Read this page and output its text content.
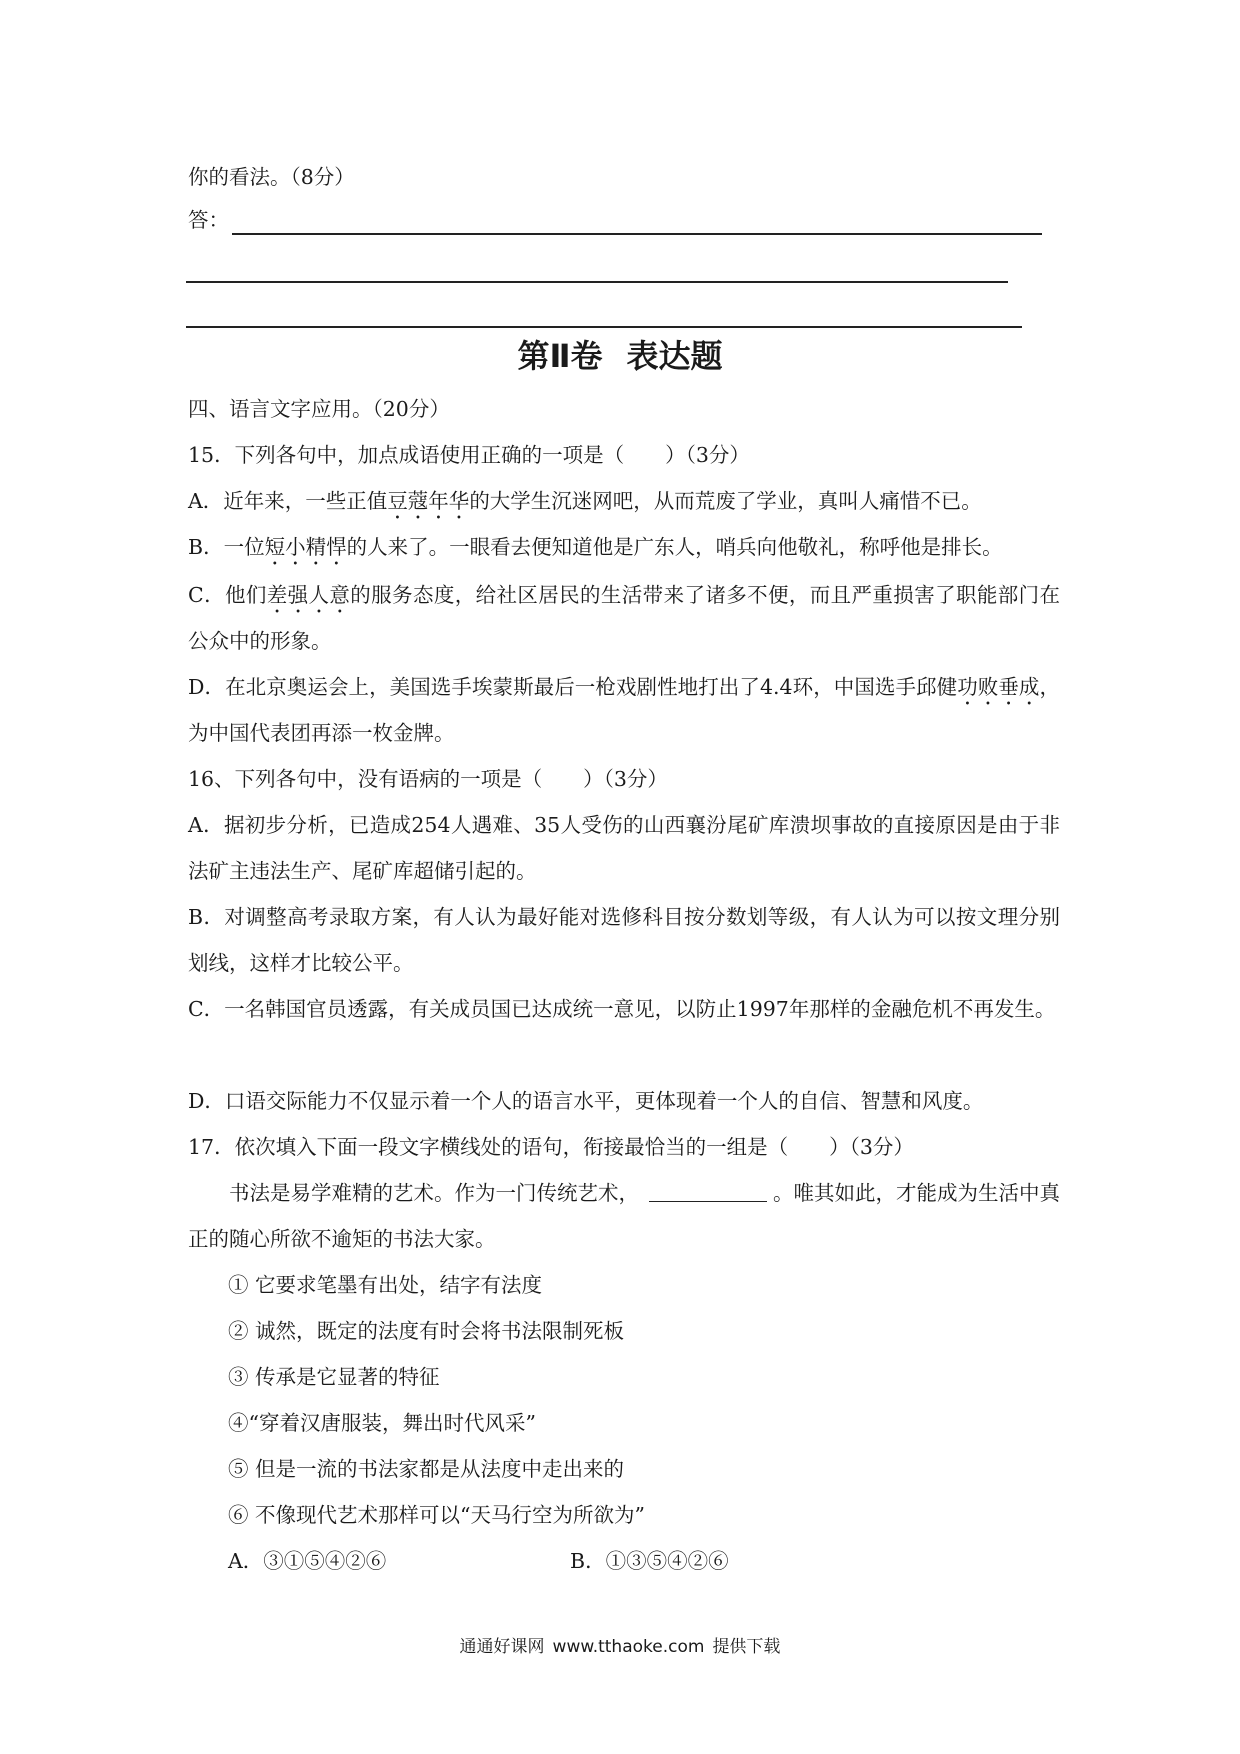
你的看法。（8分）
答：
第Ⅱ卷 表达题
四、语言文字应用。（20分）
15．下列各句中，加点成语使用正确的一项是（　　）（3分）
A．近年来，一些正值豆蔻年华的大学生沉迷网吧，从而荒废了学业，真叫人痛惜不已。
B．一位短小精悍的人来了。一眼看去便知道他是广东人，哨兵向他敬礼，称呼他是排长。
C．他们差强人意的服务态度，给社区居民的生活带来了诸多不便，而且严重损害了职能部门在公众中的形象。
D．在北京奥运会上，美国选手埃蒙斯最后一枪戏剧性地打出了4.4环，中国选手邱健功败垂成，为中国代表团再添一枚金牌。
16、下列各句中，没有语病的一项是（　　）（3分）
A．据初步分析，已造成254人遇难、35人受伤的山西襄汾尾矿库溃坝事故的直接原因是由于非法矿主违法生产、尾矿库超储引起的。
B．对调整高考录取方案，有人认为最好能对选修科目按分数划等级，有人认为可以按文理分别划线，这样才比较公平。
C．一名韩国官员透露，有关成员国已达成统一意见，以防止1997年那样的金融危机不再发生。
D．口语交际能力不仅显示着一个人的语言水平，更体现着一个人的自信、智慧和风度。
17．依次填入下面一段文字横线处的语句，衔接最恰当的一组是（　　）（3分）
书法是易学难精的艺术。作为一门传统艺术，	。唯其如此，才能成为生活中真正的随心所欲不逾矩的书法大家。
① 它要求笔墨有出处，结字有法度
② 诚然，既定的法度有时会将书法限制死板
③ 传承是它显著的特征
④“穿着汉唐服装，舞出时代风采”
⑤ 但是一流的书法家都是从法度中走出来的
⑥ 不像现代艺术那样可以“天马行空为所欲为”
A．③①⑤④②⑥	B．①③⑤④②⑥
通通好课网 www.tthaoke.com 提供下载
